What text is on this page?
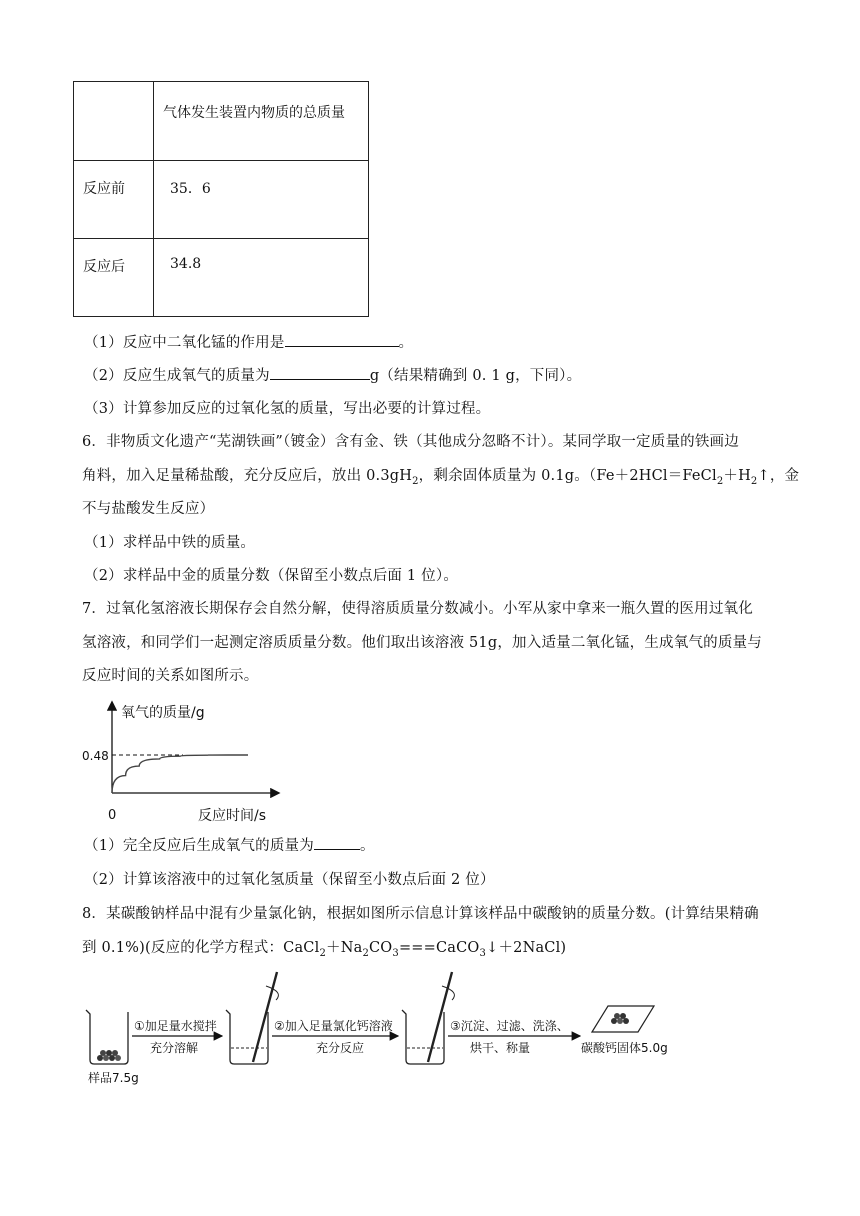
	气体发生装置内物质的总质量

反应前	35．6

反应后	34.8
（1）反应中二氧化锰的作用是	。
（2）反应生成氧气的质量为	g（结果精确到 0. 1 g，下同）。
（3）计算参加反应的过氧化氢的质量，写出必要的计算过程。
6．非物质文化遗产“芜湖铁画”（镀金）含有金、铁（其他成分忽略不计）。某同学取一定质量的铁画边
角料，加入足量稀盐酸，充分反应后，放出 $0.3gH_2$，剩余固体质量为 0.1g。（$Fe+2HCl=FeCl_2+H_2↑$，金
不与盐酸发生反应）
（1）求样品中铁的质量。
（2）求样品中金的质量分数（保留至小数点后面 1 位）。
7．过氧化氢溶液长期保存会自然分解，使得溶质质量分数减小。小军从家中拿来一瓶久置的医用过氧化
氢溶液，和同学们一起测定溶质质量分数。他们取出该溶液 51g，加入适量二氧化锰，生成氧气的质量与
反应时间的关系如图所示。
氧气的质量/g
反应时间/s
0.48
0
（1）完全反应后生成氧气的质量为	。
（2）计算该溶液中的过氧化氢质量（保留至小数点后面 2 位）
8．某碳酸钠样品中混有少量氯化钠，根据如图所示信息计算该样品中碳酸钠的质量分数。(计算结果精确
到 0.1%)(反应的化学方程式：$CaCl_2+Na_2CO_3===CaCO_3↓+2NaCl$)
样品7.5g
①加足量水搅拌
充分溶解
②加入足量氯化钙溶液
充分反应
③沉淀、过滤、洗涤、
烘干、称量	碳酸钙固体5.0g
